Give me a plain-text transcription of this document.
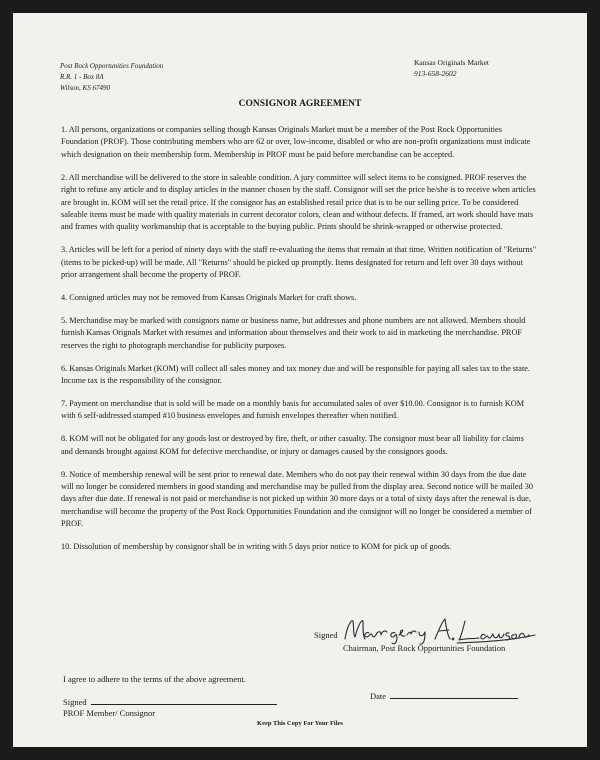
Post Rock Opportunities Foundation
R.R. 1 - Box 8A
Wilson, KS 67490
Kansas Originals Market
913-658-2602
CONSIGNOR AGREEMENT

1. All persons, organizations or companies selling though Kansas Originals Market must be a member of the Post Rock Opportunities Foundation (PROF). Those contributing members who are 62 or over, low-income, disabled or who are non-profit organizations must indicate which designation on their membership form. Membership in PROF must be paid before merchandise can be accepted.

2. All merchandise will be delivered to the store in saleable condition. A jury committee will select items to be consigned. PROF reserves the right to refuse any article and to display articles in the manner chosen by the staff. Consignor will set the price he/she is to receive when articles are brought in. KOM will set the retail price. If the consignor has an established retail price that is to be our selling price. To be considered saleable items must be made with quality materials in current decorator colors, clean and without defects. If framed, art work should have mats and frames with quality workmanship that is acceptable to the buying public. Prints should be shrink-wrapped or otherwise protected.

3. Articles will be left for a period of ninety days with the staff re-evaluating the items that remain at that time. Written notification of "Returns" (items to be picked-up) will be made. All "Returns" should be picked up promptly. Items designated for return and left over 30 days without prior arrangement shall become the property of PROF.

4. Consigned articles may not be removed from Kansas Originals Market for craft shows.

5. Merchandise may be marked with consignors name or business name, but addresses and phone numbers are not allowed. Members should furnish Kansas Orignals Market with resumes and information about themselves and their work to aid in marketing the merchandise. PROF reserves the right to photograph merchandise for publicity purposes.

6. Kansas Originals Market (KOM) will collect all sales money and tax money due and will be responsible for paying all sales tax to the state. Income tax is the responsibility of the consignor.

7. Payment on merchandise that is sold will be made on a monthly basis for accumulated sales of over $10.00. Consignor is to furnish KOM with 6 self-addressed stamped #10 business envelopes and furnish envelopes thereafter when notified.

8. KOM will not be obligated for any goods lost or destroyed by fire, theft, or other casualty. The consignor must bear all liability for claims and demands brought against KOM for defective merchandise, or injury or damages caused by the consignors goods.

9. Notice of membership renewal will be sent prior to renewal date. Members who do not pay their renewal within 30 days from the due date will no longer be considered members in good standing and merchandise may be pulled from the display area. Second notice will be mailed 30 days after due date. If renewal is not paid or merchandise is not picked up within 30 more days or a total of sixty days after the renewal is due, merchandise will become the property of the Post Rock Opportunities Foundation and the consignor will no longer be considered a member of PROF.

10. Dissolution of membership by consignor shall be in writing with 5 days prior notice to KOM for pick up of goods.

Signed
Chairman, Post Rock Opportunities Foundation
I agree to adhere to the terms of the above agreement.
Signed
PROF Member/ Consignor
Date
Keep This Copy For Your Files
